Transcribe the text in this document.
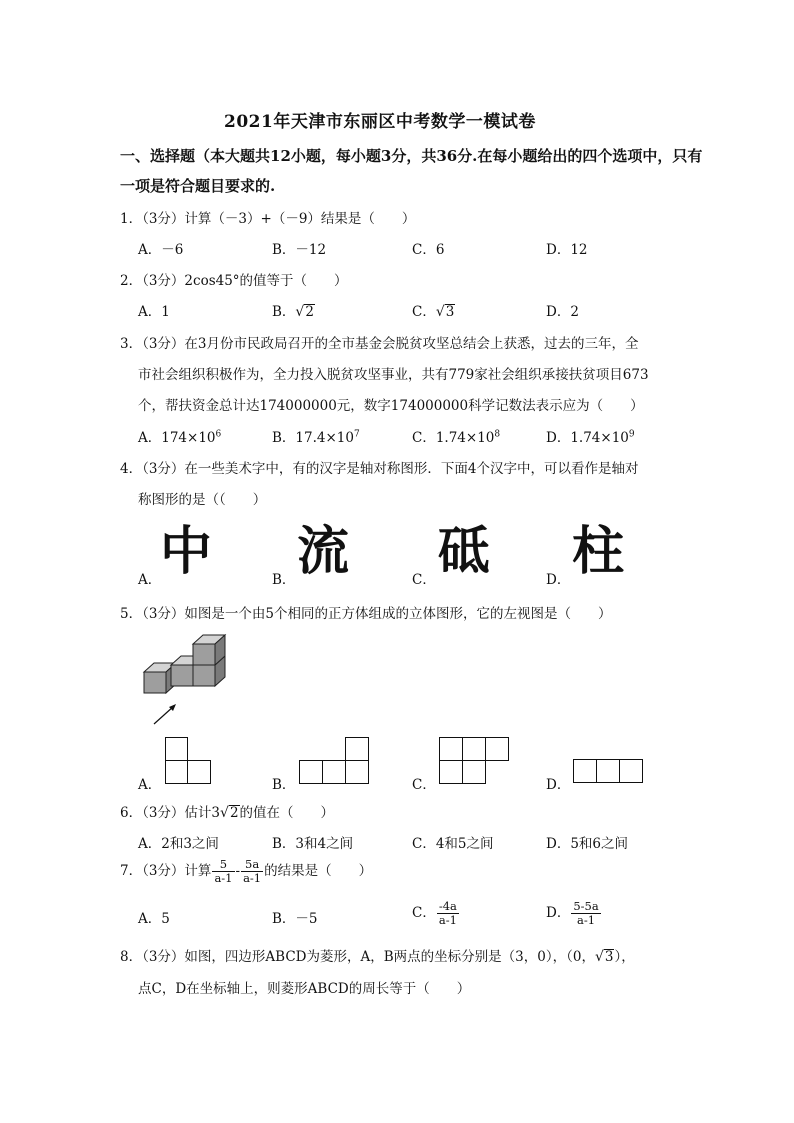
2021年天津市东丽区中考数学一模试卷
一、选择题（本大题共12小题，每小题3分，共36分.在每小题给出的四个选项中，只有
一项是符合题目要求的.
1．（3分）计算（－3）+（－9）结果是（　　）
A．－6	B．－12	C．6	D．12
2．（3分）2cos45°的值等于（　　）
A．1	B．√2	C．√3	D．2
3．（3分）在3月份市民政局召开的全市基金会脱贫攻坚总结会上获悉，过去的三年，全
市社会组织积极作为，全力投入脱贫攻坚事业，共有779家社会组织承接扶贫项目673
个，帮扶资金总计达174000000元，数字174000000科学记数法表示应为（　　）
A．$174\times 10^6$	B．$17.4\times 10^7$	C．$1.74\times 10^8$	D．$1.74\times 10^9$
4．（3分）在一些美术字中，有的汉字是轴对称图形．下面4个汉字中，可以看作是轴对
称图形的是（（　　）
A．
中	B． 流	C． 砥	D． 柱
5．（3分）如图是一个由5个相同的正方体组成的立体图形，它的左视图是（　　）
A．	B．	C．	D．
6．（3分）估计3√2的值在（　　）
A．2和3之间	B．3和4之间	C．4和5之间	D．5和6之间
7．（3分）计算 $\frac{5}{a-1} - \frac{5a}{a-1}$ 的结果是（　　）
A．5	B．－5	C． $\frac{-4a}{a-1}$	D． $\frac{5-5a}{a-1}$
8．（3分）如图，四边形ABCD为菱形，A，B两点的坐标分别是（3，0），（0，√3），
点C，D在坐标轴上，则菱形ABCD的周长等于（　　）
